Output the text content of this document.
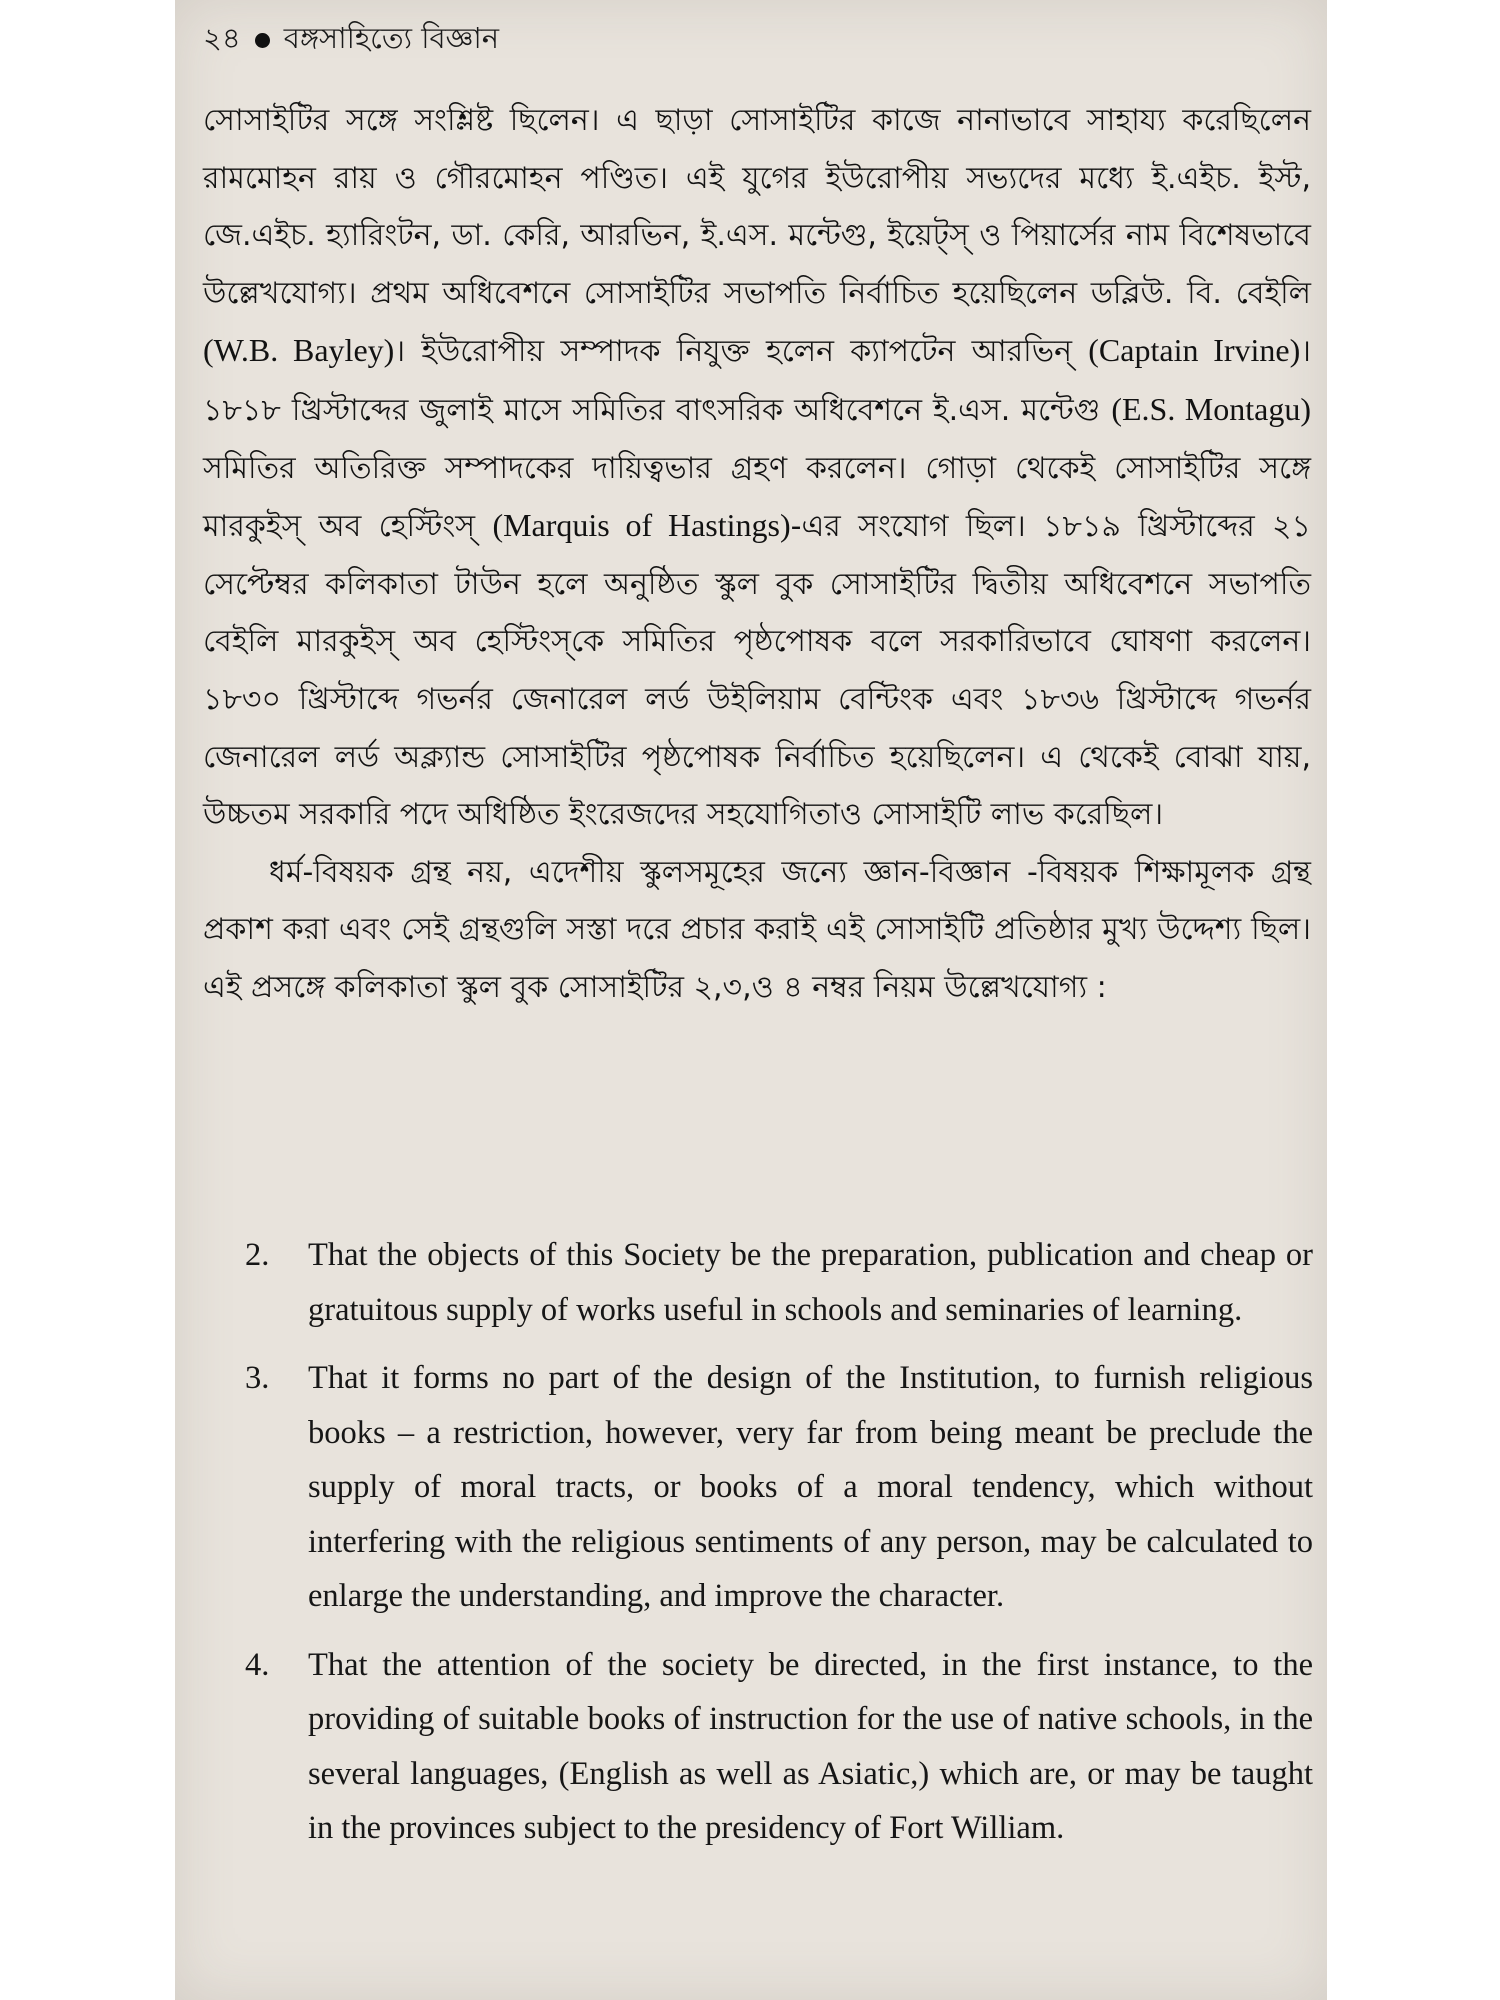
২৪ বঙ্গসাহিত্যে বিজ্ঞান

সোসাইটির সঙ্গে সংশ্লিষ্ট ছিলেন। এ ছাড়া সোসাইটির কাজে নানাভাবে সাহায্য করেছিলেন রামমোহন রায় ও গৌরমোহন পণ্ডিত। এই যুগের ইউরোপীয় সভ্যদের মধ্যে ই.এইচ. ইস্ট, জে.এইচ. হ্যারিংটন, ডা. কেরি, আরভিন, ই.এস. মন্টেগু, ইয়েট্স্‌ ও পিয়ার্সের নাম বিশেষভাবে উল্লেখযোগ্য। প্রথম অধিবেশনে সোসাইটির সভাপতি নির্বাচিত হয়েছিলেন ডব্লিউ. বি. বেইলি (W.B. Bayley)। ইউরোপীয় সম্পাদক নিযুক্ত হলেন ক্যাপটেন আরভিন্‌ (Captain Irvine)। ১৮১৮ খ্রিস্টাব্দের জুলাই মাসে সমিতির বাৎসরিক অধিবেশনে ই.এস. মন্টেগু (E.S. Montagu) সমিতির অতিরিক্ত সম্পাদকের দায়িত্বভার গ্রহণ করলেন। গোড়া থেকেই সোসাইটির সঙ্গে মারকুইস্‌ অব হেস্টিংস্‌ (Marquis of Hastings)-এর সংযোগ ছিল। ১৮১৯ খ্রিস্টাব্দের ২১ সেপ্টেম্বর কলিকাতা টাউন হলে অনুষ্ঠিত স্কুল বুক সোসাইটির দ্বিতীয় অধিবেশনে সভাপতি বেইলি মারকুইস্‌ অব হেস্টিংস্‌কে সমিতির পৃষ্ঠপোষক বলে সরকারিভাবে ঘোষণা করলেন। ১৮৩০ খ্রিস্টাব্দে গভর্নর জেনারেল লর্ড উইলিয়াম বেন্টিংক এবং ১৮৩৬ খ্রিস্টাব্দে গভর্নর জেনারেল লর্ড অক্ল্যান্ড সোসাইটির পৃষ্ঠপোষক নির্বাচিত হয়েছিলেন। এ থেকেই বোঝা যায়, উচ্চতম সরকারি পদে অধিষ্ঠিত ইংরেজদের সহযোগিতাও সোসাইটি লাভ করেছিল।

ধর্ম-বিষয়ক গ্রন্থ নয়, এদেশীয় স্কুলসমূহের জন্যে জ্ঞান-বিজ্ঞান -বিষয়ক শিক্ষামূলক গ্রন্থ প্রকাশ করা এবং সেই গ্রন্থগুলি সস্তা দরে প্রচার করাই এই সোসাইটি প্রতিষ্ঠার মুখ্য উদ্দেশ্য ছিল। এই প্রসঙ্গে কলিকাতা স্কুল বুক সোসাইটির ২,৩,ও ৪ নম্বর নিয়ম উল্লেখযোগ্য :

2.	That the objects of this Society be the preparation, publication and cheap or gratuitous supply of works useful in schools and seminaries of learning.
3.	That it forms no part of the design of the Institution, to furnish religious books – a restriction, however, very far from being meant be preclude the supply of moral tracts, or books of a moral tendency, which without interfering with the religious sentiments of any person, may be calculated to enlarge the understanding, and improve the character.
4.	That the attention of the society be directed, in the first instance, to the providing of suitable books of instruction for the use of native schools, in the several languages, (English as well as Asiatic,) which are, or may be taught in the provinces subject to the presidency of Fort William.
